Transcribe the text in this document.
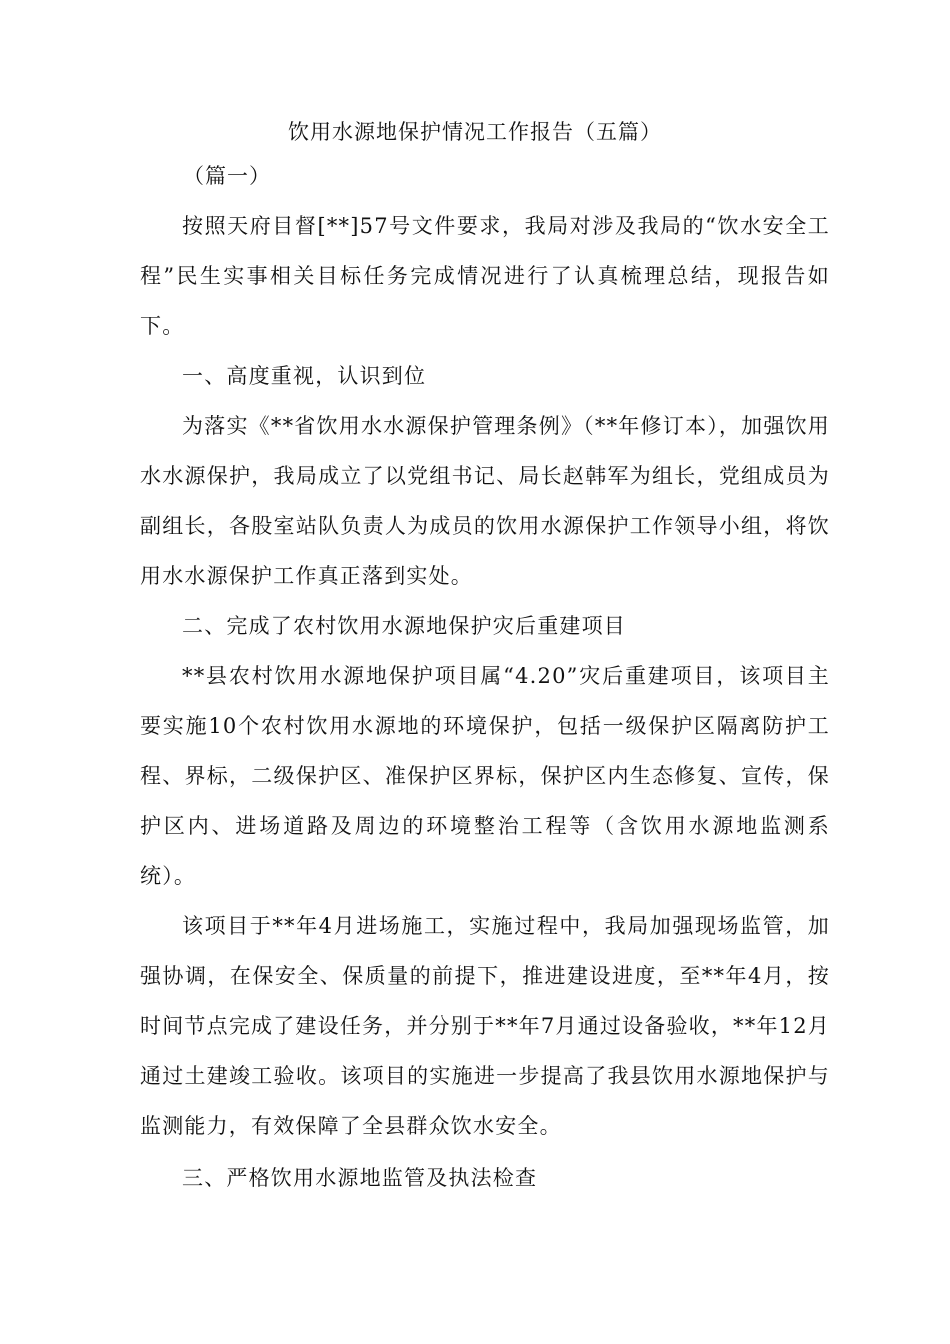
饮用水源地保护情况工作报告（五篇）
（篇一）
按照天府目督[**]57号文件要求，我局对涉及我局的“饮水安全工程”民生实事相关目标任务完成情况进行了认真梳理总结，现报告如下。
一、高度重视，认识到位
为落实《**省饮用水水源保护管理条例》（**年修订本），加强饮用水水源保护，我局成立了以党组书记、局长赵韩军为组长，党组成员为副组长，各股室站队负责人为成员的饮用水源保护工作领导小组，将饮用水水源保护工作真正落到实处。
二、完成了农村饮用水源地保护灾后重建项目
**县农村饮用水源地保护项目属“4.20”灾后重建项目，该项目主要实施10个农村饮用水源地的环境保护，包括一级保护区隔离防护工程、界标，二级保护区、准保护区界标，保护区内生态修复、宣传，保护区内、进场道路及周边的环境整治工程等（含饮用水源地监测系统）。
该项目于**年4月进场施工，实施过程中，我局加强现场监管，加强协调，在保安全、保质量的前提下，推进建设进度，至**年4月，按时间节点完成了建设任务，并分别于**年7月通过设备验收，**年12月通过土建竣工验收。该项目的实施进一步提高了我县饮用水源地保护与监测能力，有效保障了全县群众饮水安全。
三、严格饮用水源地监管及执法检查
